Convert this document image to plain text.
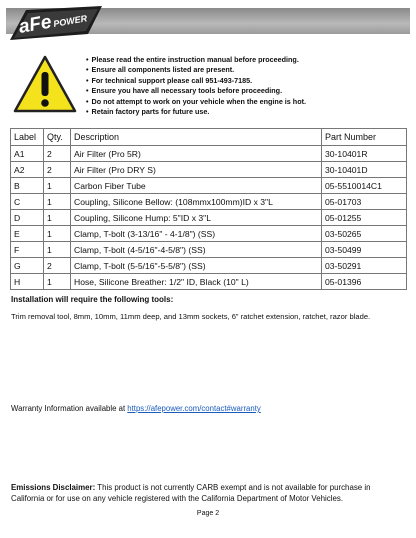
aFe POWER
• Please read the entire instruction manual before proceeding.
• Ensure all components listed are present.
• For technical support please call 951-493-7185.
• Ensure you have all necessary tools before proceeding.
• Do not attempt to work on your vehicle when the engine is hot.
• Retain factory parts for future use.
Label	Qty.	Description	Part Number
A1	2	Air Filter (Pro 5R)	30-10401R
A2	2	Air Filter (Pro DRY S)	30-10401D
B	1	Carbon Fiber Tube	05-5510014C1
C	1	Coupling, Silicone Bellow: (108mmx100mm)ID x 3"L	05-01703
D	1	Coupling, Silicone Hump: 5"ID x 3"L	05-01255
E	1	Clamp, T-bolt (3-13/16" - 4-1/8") (SS)	03-50265
F	1	Clamp, T-bolt (4-5/16"-4-5/8") (SS)	03-50499
G	2	Clamp, T-bolt (5-5/16"-5-5/8") (SS)	03-50291
H	1	Hose, Silicone Breather: 1/2" ID, Black (10" L)	05-01396
Installation will require the following tools:
Trim removal tool, 8mm, 10mm, 11mm deep, and 13mm sockets, 6” ratchet extension, ratchet, razor blade.
Warranty Information available at https://afepower.com/contact#warranty
Emissions Disclaimer: This product is not currently CARB exempt and is not available for purchase in California or for use on any vehicle registered with the California Department of Motor Vehicles.
Page 2
